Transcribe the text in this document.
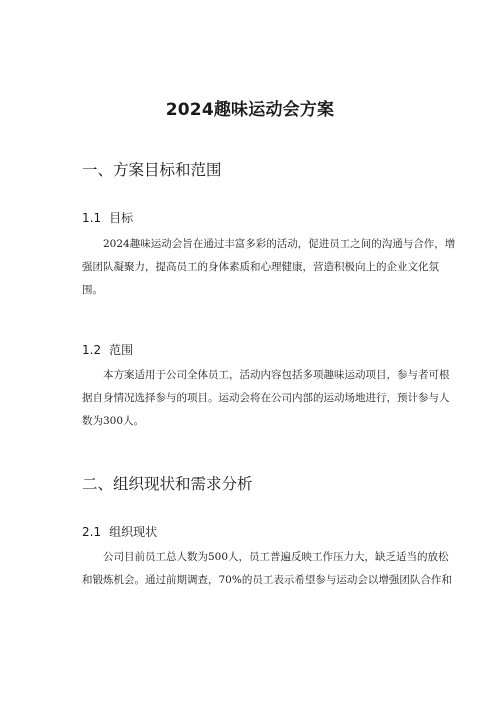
2024趣味运动会方案
一、方案目标和范围
1.1 目标
2024趣味运动会旨在通过丰富多彩的活动，促进员工之间的沟通与合作，增
强团队凝聚力，提高员工的身体素质和心理健康，营造积极向上的企业文化氛
围。
1.2 范围
本方案适用于公司全体员工，活动内容包括多项趣味运动项目，参与者可根
据自身情况选择参与的项目。运动会将在公司内部的运动场地进行，预计参与人
数为300人。
二、组织现状和需求分析
2.1 组织现状
公司目前员工总人数为500人，员工普遍反映工作压力大，缺乏适当的放松
和锻炼机会。通过前期调查，70%的员工表示希望参与运动会以增强团队合作和
